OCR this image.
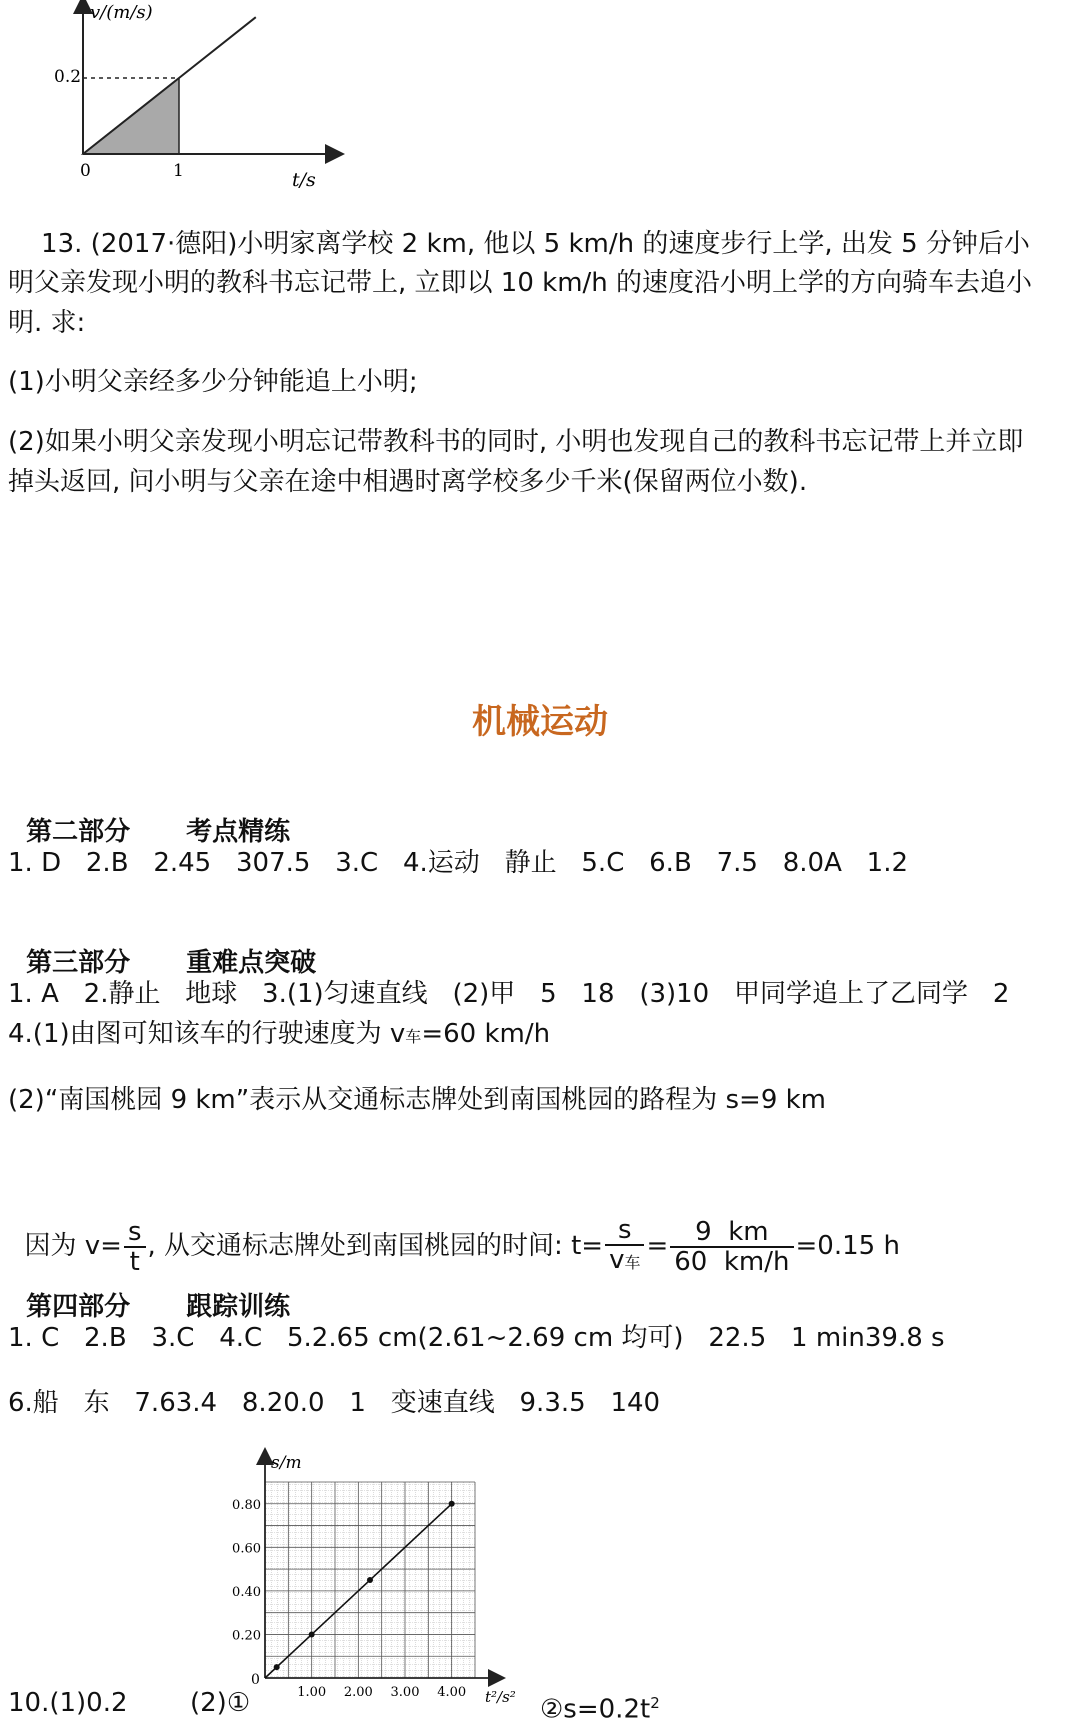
v/(m/s)
0.2
0	1	t/s
13. (2017·德阳)小明家离学校 2 km, 他以 5 km/h 的速度步行上学, 出发 5 分钟后小
明父亲发现小明的教科书忘记带上, 立即以 10 km/h 的速度沿小明上学的方向骑车去追小
明. 求:
(1)小明父亲经多少分钟能追上小明;
(2)如果小明父亲发现小明忘记带教科书的同时, 小明也发现自己的教科书忘记带上并立即
掉头返回, 问小明与父亲在途中相遇时离学校多少千米(保留两位小数).
机械运动

第二部分 考点精练

1. D   2.B   2.45   307.5   3.C   4.运动   静止   5.C   6.B   7.5   8.0A   1.2

第三部分 重难点突破

1. A   2.静止   地球   3.(1)匀速直线   (2)甲   5   18   (3)10   甲同学追上了乙同学   2
4.(1)由图可知该车的行驶速度为 v车=60 km/h
(2)“南国桃园 9 km”表示从交通标志牌处到南国桃园的路程为 s=9 km

因为 $v= \frac{s}{t}$ , 从交通标志牌处到南国桃园的时间: $t= \frac{s}{\text{v车}} = \frac{9 km}{60 km/h} =0.15$ h

第四部分 跟踪训练

1. C   2.B   3.C   4.C   5.2.65 cm(2.61~2.69 cm 均可)   22.5   1 min39.8 s
6.船   东   7.63.4   8.20.0   1   变速直线   9.3.5   140
10.(1)0.2 (2)①	$②s=0.2t^2$
s/m
t²/s²
0
1.00 2.00 3.00 4.00
0.20
0.40
0.60
0.80
